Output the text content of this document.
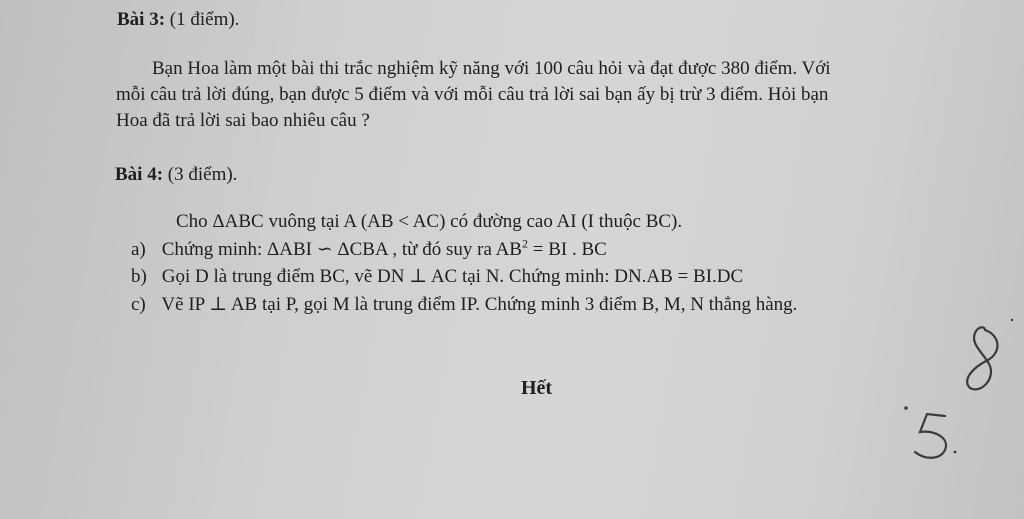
.
Bài 3: (1 điểm).
Bạn Hoa làm một bài thi trắc nghiệm kỹ năng với 100 câu hỏi và đạt được 380 điểm. Với
mỗi câu trả lời đúng, bạn được 5 điểm và với mỗi câu trả lời sai bạn ấy bị trừ 3 điểm. Hỏi bạn
Hoa đã trả lời sai bao nhiêu câu ?
Bài 4: (3 điểm).
Cho ΔABC vuông tại A (AB < AC) có đường cao AI (I thuộc BC).
a) Chứng minh: ΔABI ∽ ΔCBA , từ đó suy ra $AB^2$ = BI . BC
b) Gọi D là trung điểm BC, vẽ DN ⊥ AC tại N. Chứng minh: DN.AB = BI.DC
c) Vẽ IP ⊥ AB tại P, gọi M là trung điểm IP. Chứng minh 3 điểm B, M, N thẳng hàng.
Hết
